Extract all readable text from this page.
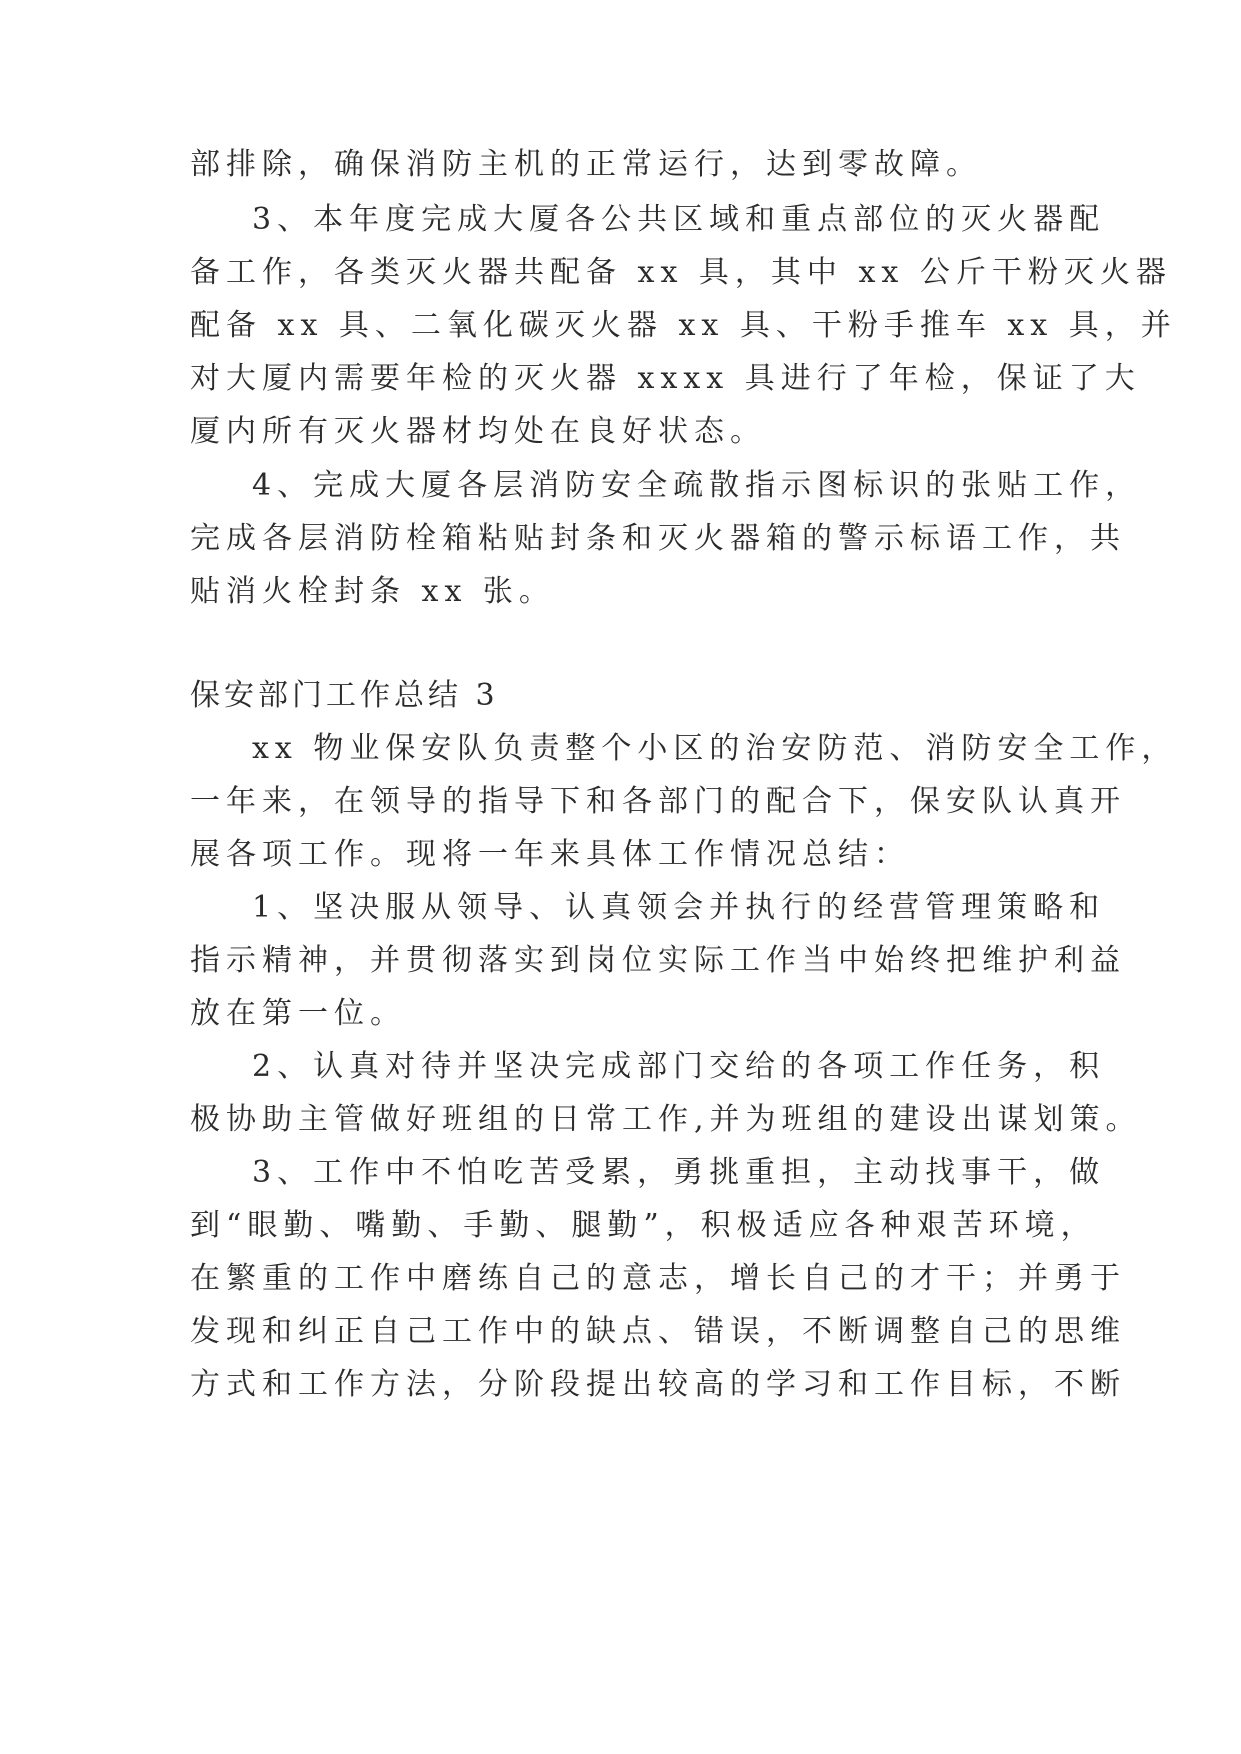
部排除，确保消防主机的正常运行，达到零故障。
3、本年度完成大厦各公共区域和重点部位的灭火器配
备工作，各类灭火器共配备 xx 具，其中 xx 公斤干粉灭火器
配备 xx 具、二氧化碳灭火器 xx 具、干粉手推车 xx 具，并
对大厦内需要年检的灭火器 xxxx 具进行了年检，保证了大
厦内所有灭火器材均处在良好状态。
4、完成大厦各层消防安全疏散指示图标识的张贴工作，
完成各层消防栓箱粘贴封条和灭火器箱的警示标语工作，共
贴消火栓封条 xx 张。
保安部门工作总结 3
xx 物业保安队负责整个小区的治安防范、消防安全工作，
一年来，在领导的指导下和各部门的配合下，保安队认真开
展各项工作。现将一年来具体工作情况总结：
1、坚决服从领导、认真领会并执行的经营管理策略和
指示精神，并贯彻落实到岗位实际工作当中始终把维护利益
放在第一位。
2、认真对待并坚决完成部门交给的各项工作任务，积
极协助主管做好班组的日常工作,并为班组的建设出谋划策。
3、工作中不怕吃苦受累，勇挑重担，主动找事干，做
到“眼勤、嘴勤、手勤、腿勤”，积极适应各种艰苦环境，
在繁重的工作中磨练自己的意志，增长自己的才干；并勇于
发现和纠正自己工作中的缺点、错误，不断调整自己的思维
方式和工作方法，分阶段提出较高的学习和工作目标，不断
